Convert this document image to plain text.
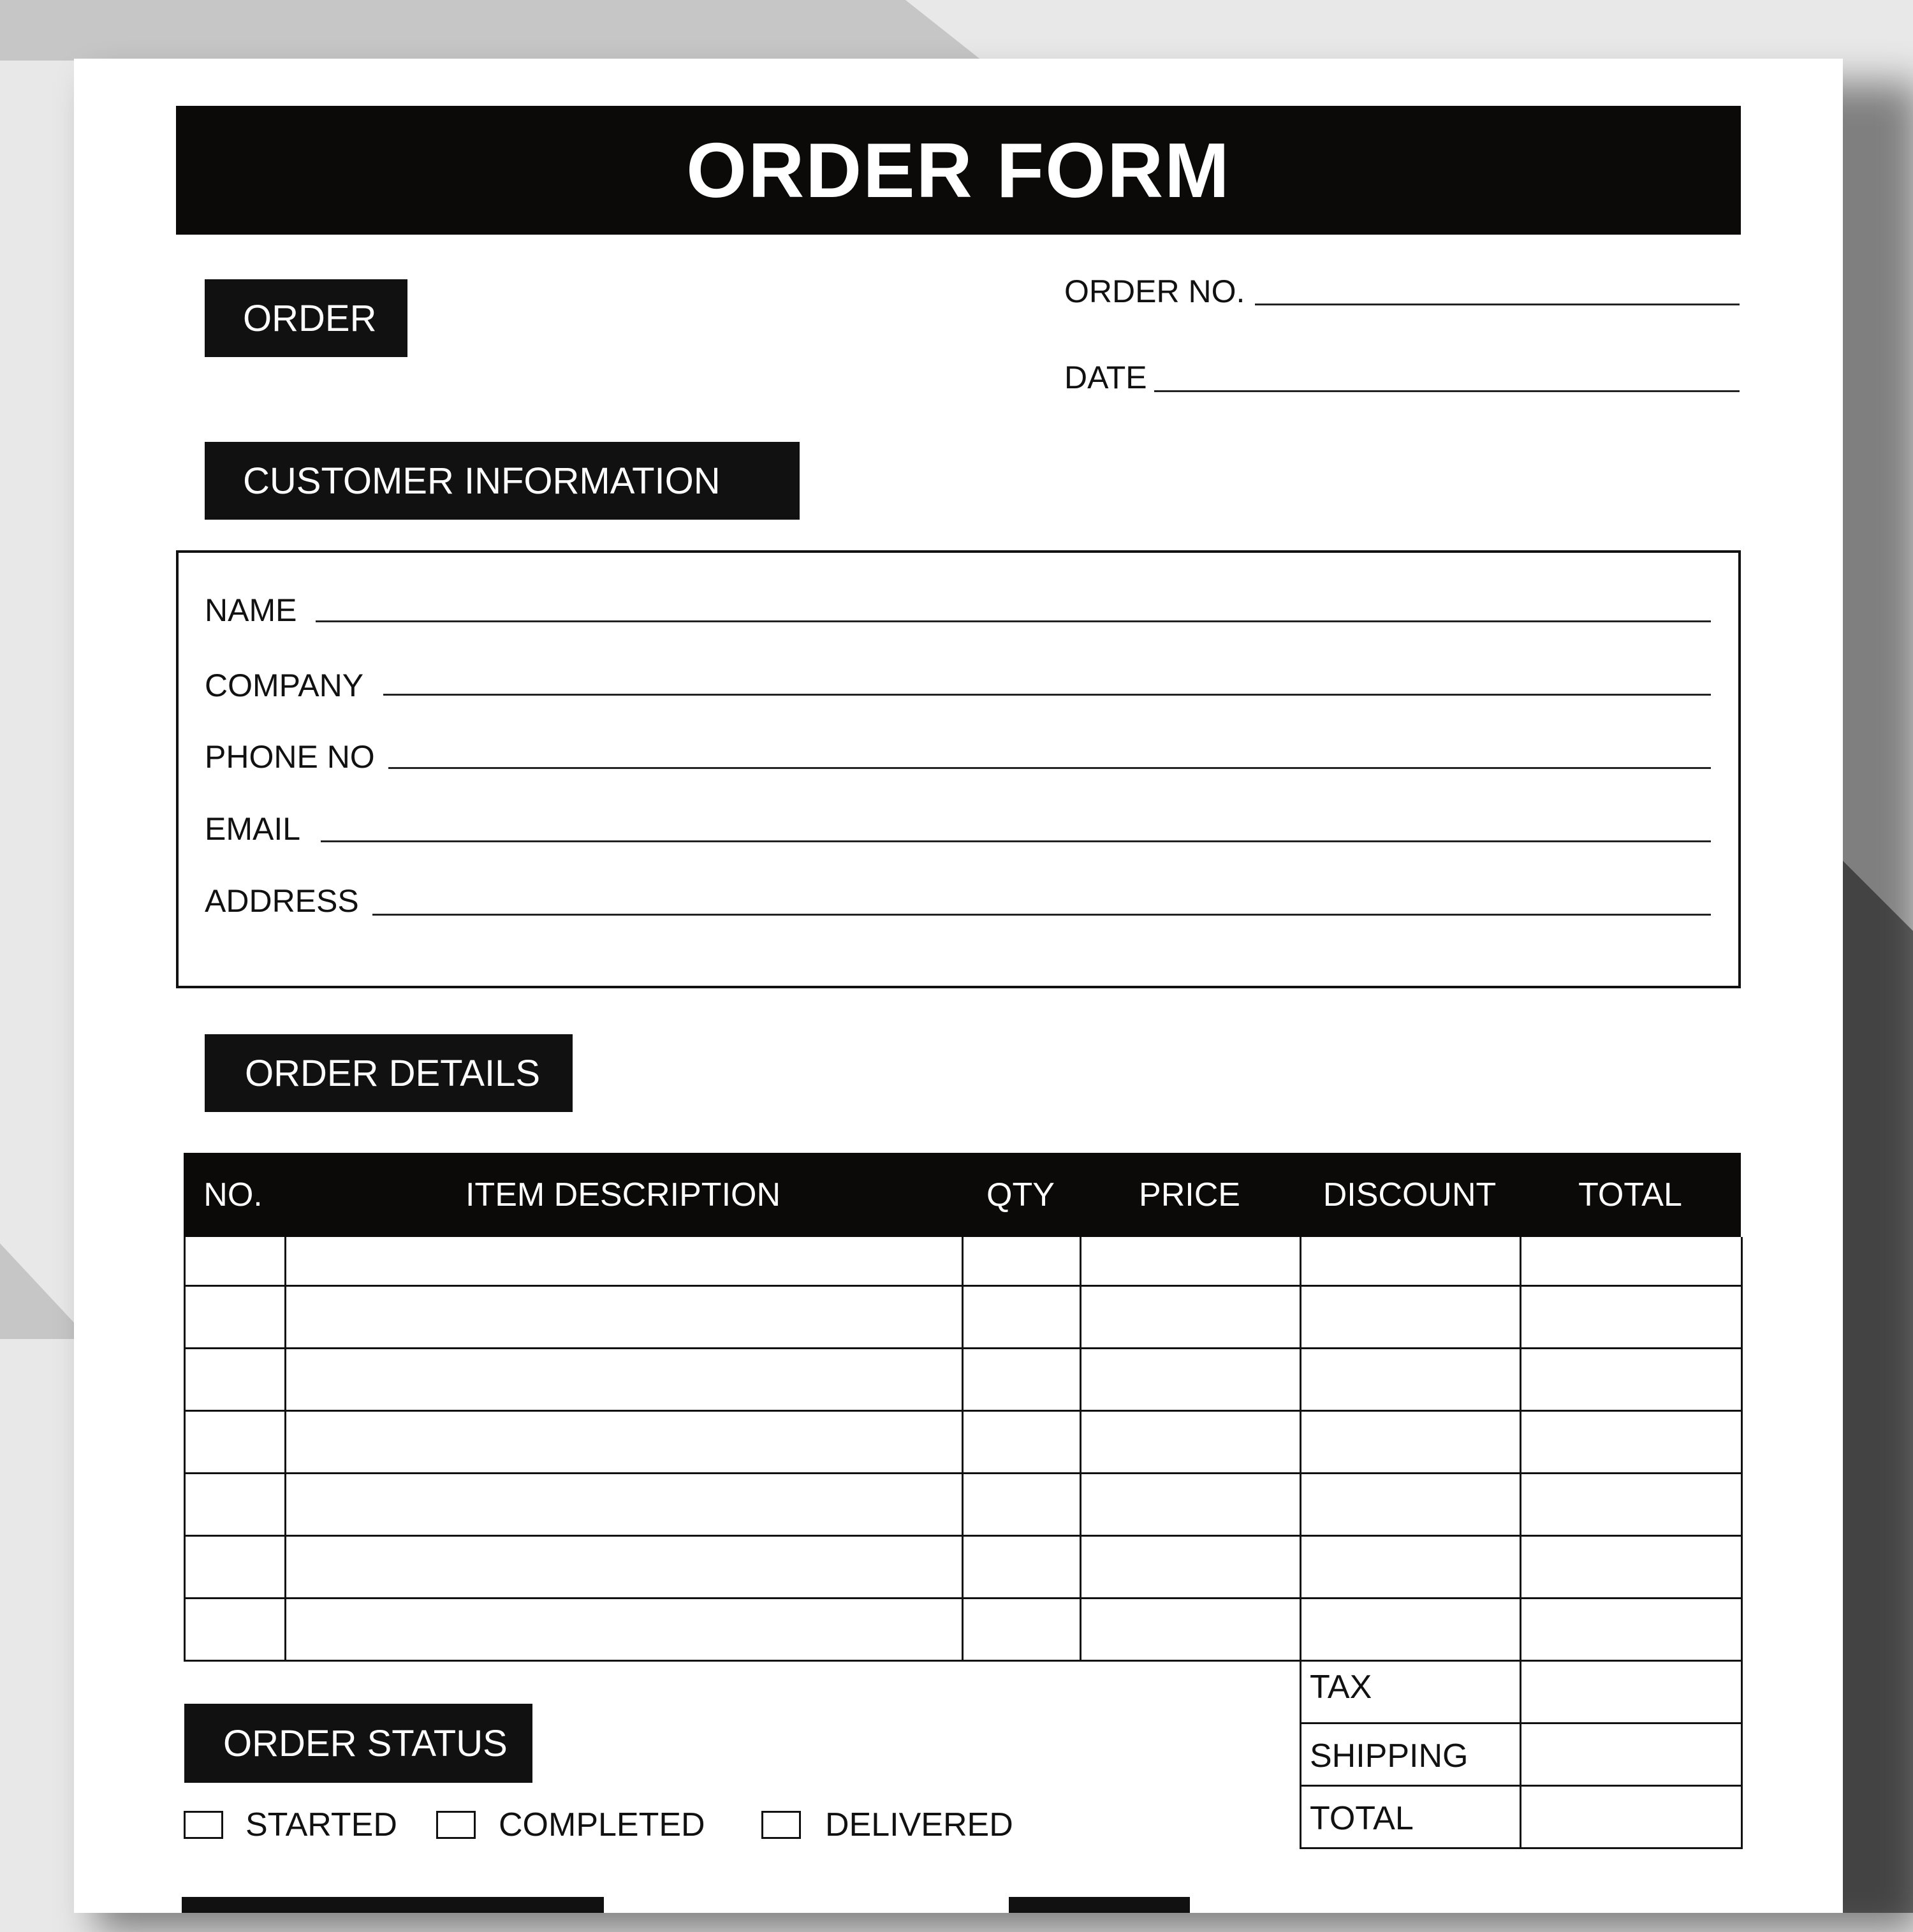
ORDER FORM
ORDER
ORDER NO.
DATE
CUSTOMER INFORMATION
NAME
COMPANY
PHONE NO
EMAIL
ADDRESS
ORDER DETAILS
NO.	ITEM DESCRIPTION	QTY	PRICE	DISCOUNT	TOTAL
TAX
SHIPPING
TOTAL
ORDER STATUS
STARTED	COMPLETED	DELIVERED
